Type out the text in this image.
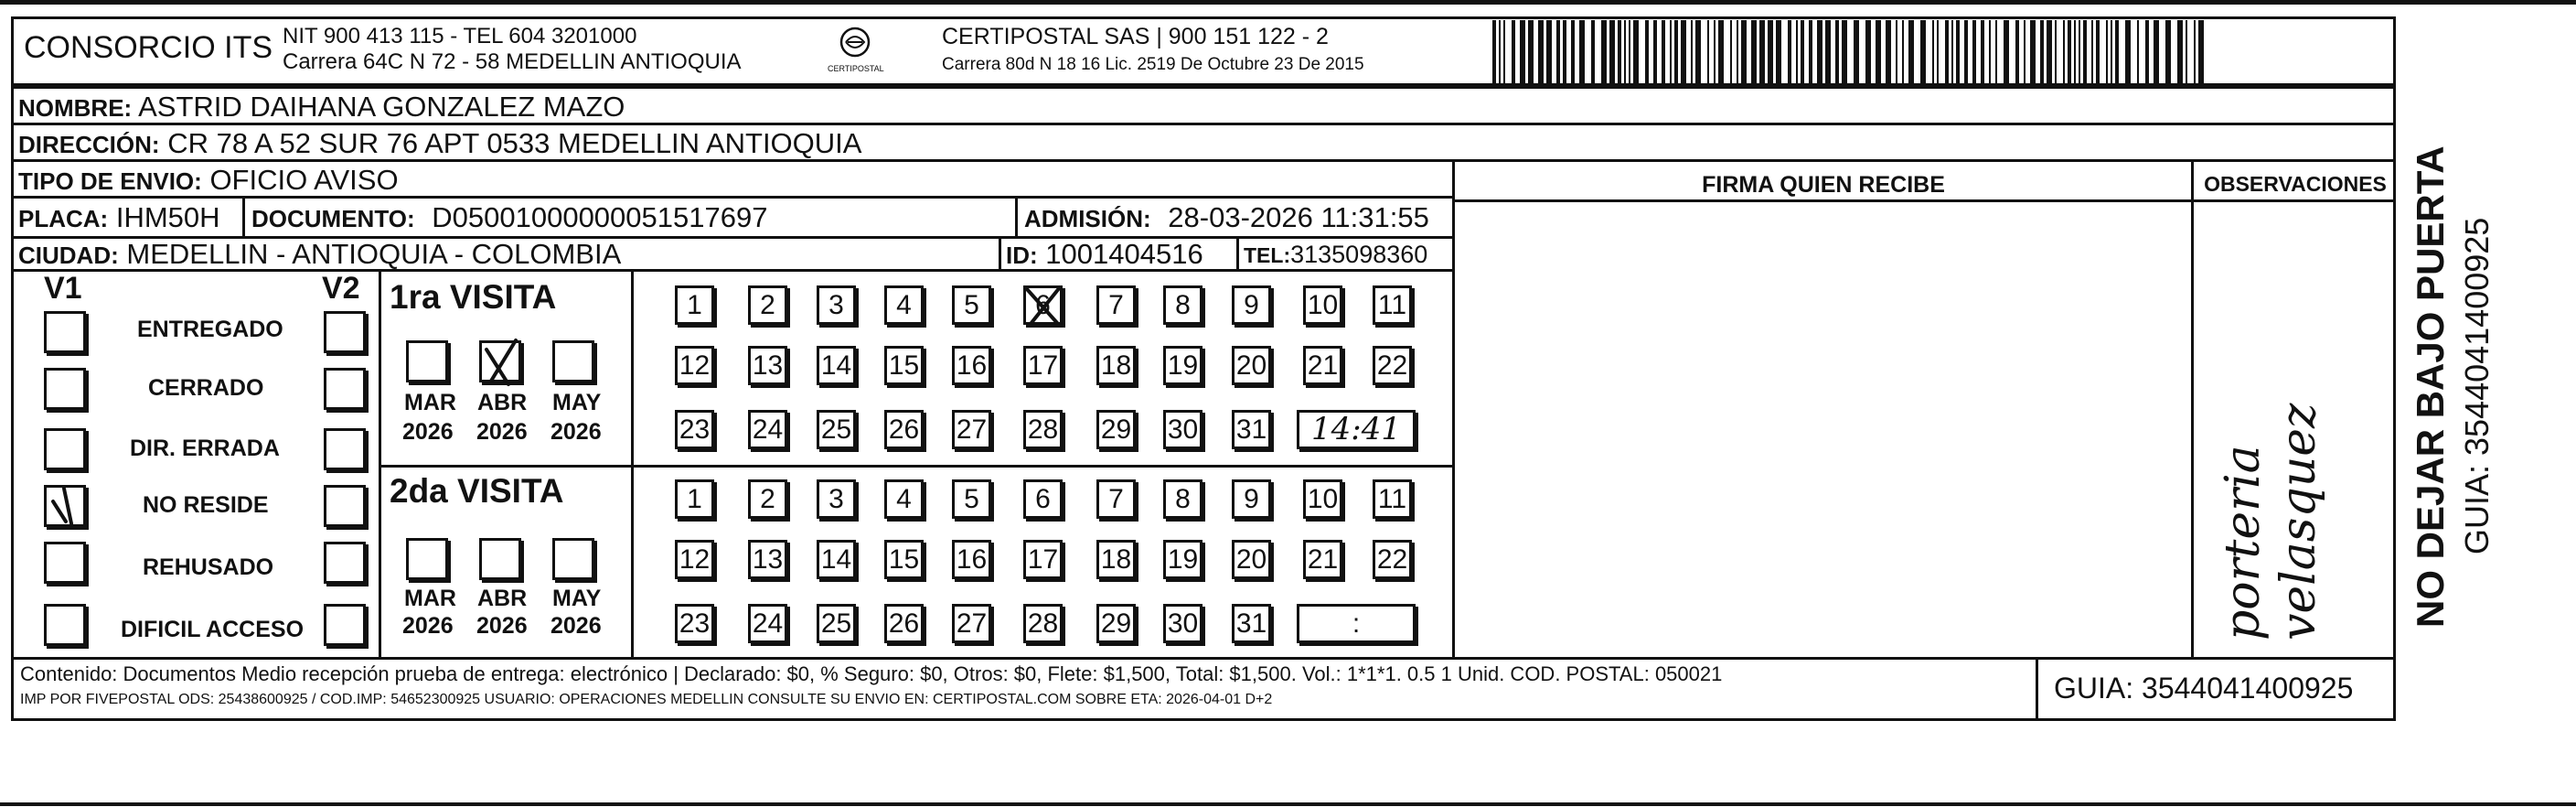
CONSORCIO ITS NIT 900 413 115 - TEL 604 3201000
Carrera 64C N 72 - 58 MEDELLIN ANTIOQUIA	CERTIPOSTAL
CERTIPOSTAL SAS | 900 151 122 - 2
Carrera 80d N 18 16 Lic. 2519 De Octubre 23 De 2015
NOMBRE: ASTRID DAIHANA GONZALEZ MAZO
DIRECCIÓN: CR 78 A 52 SUR 76 APT 0533 MEDELLIN ANTIOQUIA
TIPO DE ENVIO: OFICIO AVISO
PLACA: IHM50H DOCUMENTO: D05001000000051517697	ADMISIÓN: 28-03-2026 11:31:55
CIUDAD: MEDELLIN - ANTIOQUIA - COLOMBIA	ID: 1001404516 TEL:3135098360
FIRMA QUIEN RECIBE	OBSERVACIONES
porteria velasquez
V1	V2
ENTREGADO
CERRADO
DIR. ERRADA
NO RESIDE
REHUSADO
DIFICIL ACCESO
1ra VISITA
MAR ABR MAY
2026 2026 2026
1	2	3	4	5	6	7	8	9	10 11
12 13 14 15 16 17 18 19 20 21 22
23 24 25 26 27 28 29 30 31	14:41
2da VISITA
MAR ABR MAY
2026 2026 2026
1	2	3	4	5	6	7	8	9	10 11
12 13 14 15 16 17 18 19 20 21 22
23 24 25 26 27 28 29 30 31	:
Contenido: Documentos Medio recepción prueba de entrega: electrónico | Declarado: $0, % Seguro: $0, Otros: $0, Flete: $1,500, Total: $1,500. Vol.: 1*1*1. 0.5 1 Unid. COD. POSTAL: 050021
IMP POR FIVEPOSTAL ODS: 25438600925 / COD.IMP: 54652300925 USUARIO: OPERACIONES MEDELLIN CONSULTE SU ENVIO EN: CERTIPOSTAL.COM SOBRE ETA: 2026-04-01 D+2	GUIA: 3544041400925
NO DEJAR BAJO PUERTA GUIA: 3544041400925
